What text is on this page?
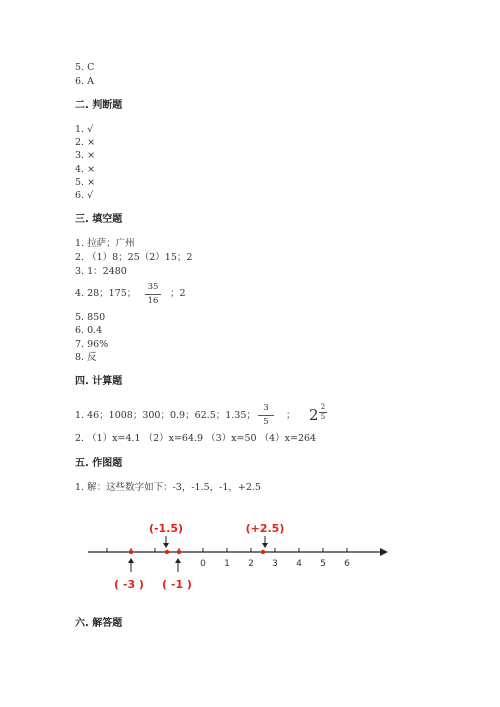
5. C
6. A
二. 判断题
1. √
2. ×
3. ×
4. ×
5. ×
6. √
三. 填空题
1. 拉萨；广州
2. （1）8；25（2）15；2
3. 1：2480
4. 28；175；
35
16
；2
5. 850
6. 0.4
7. 96%
8. 反
四. 计算题
1. 46；1008；300；0.9；62.5；1.35；
3
5
； 2 2
5
2. （1）x=4.1 （2）x=64.9 （3）x=50 （4）x=264
五. 作图题
1. 解：这些数字如下：-3，-1.5，-1，+2.5
0 1 2 3 4 5 6
(-1.5)	(+2.5)
( -3 ) ( -1 )
六. 解答题
